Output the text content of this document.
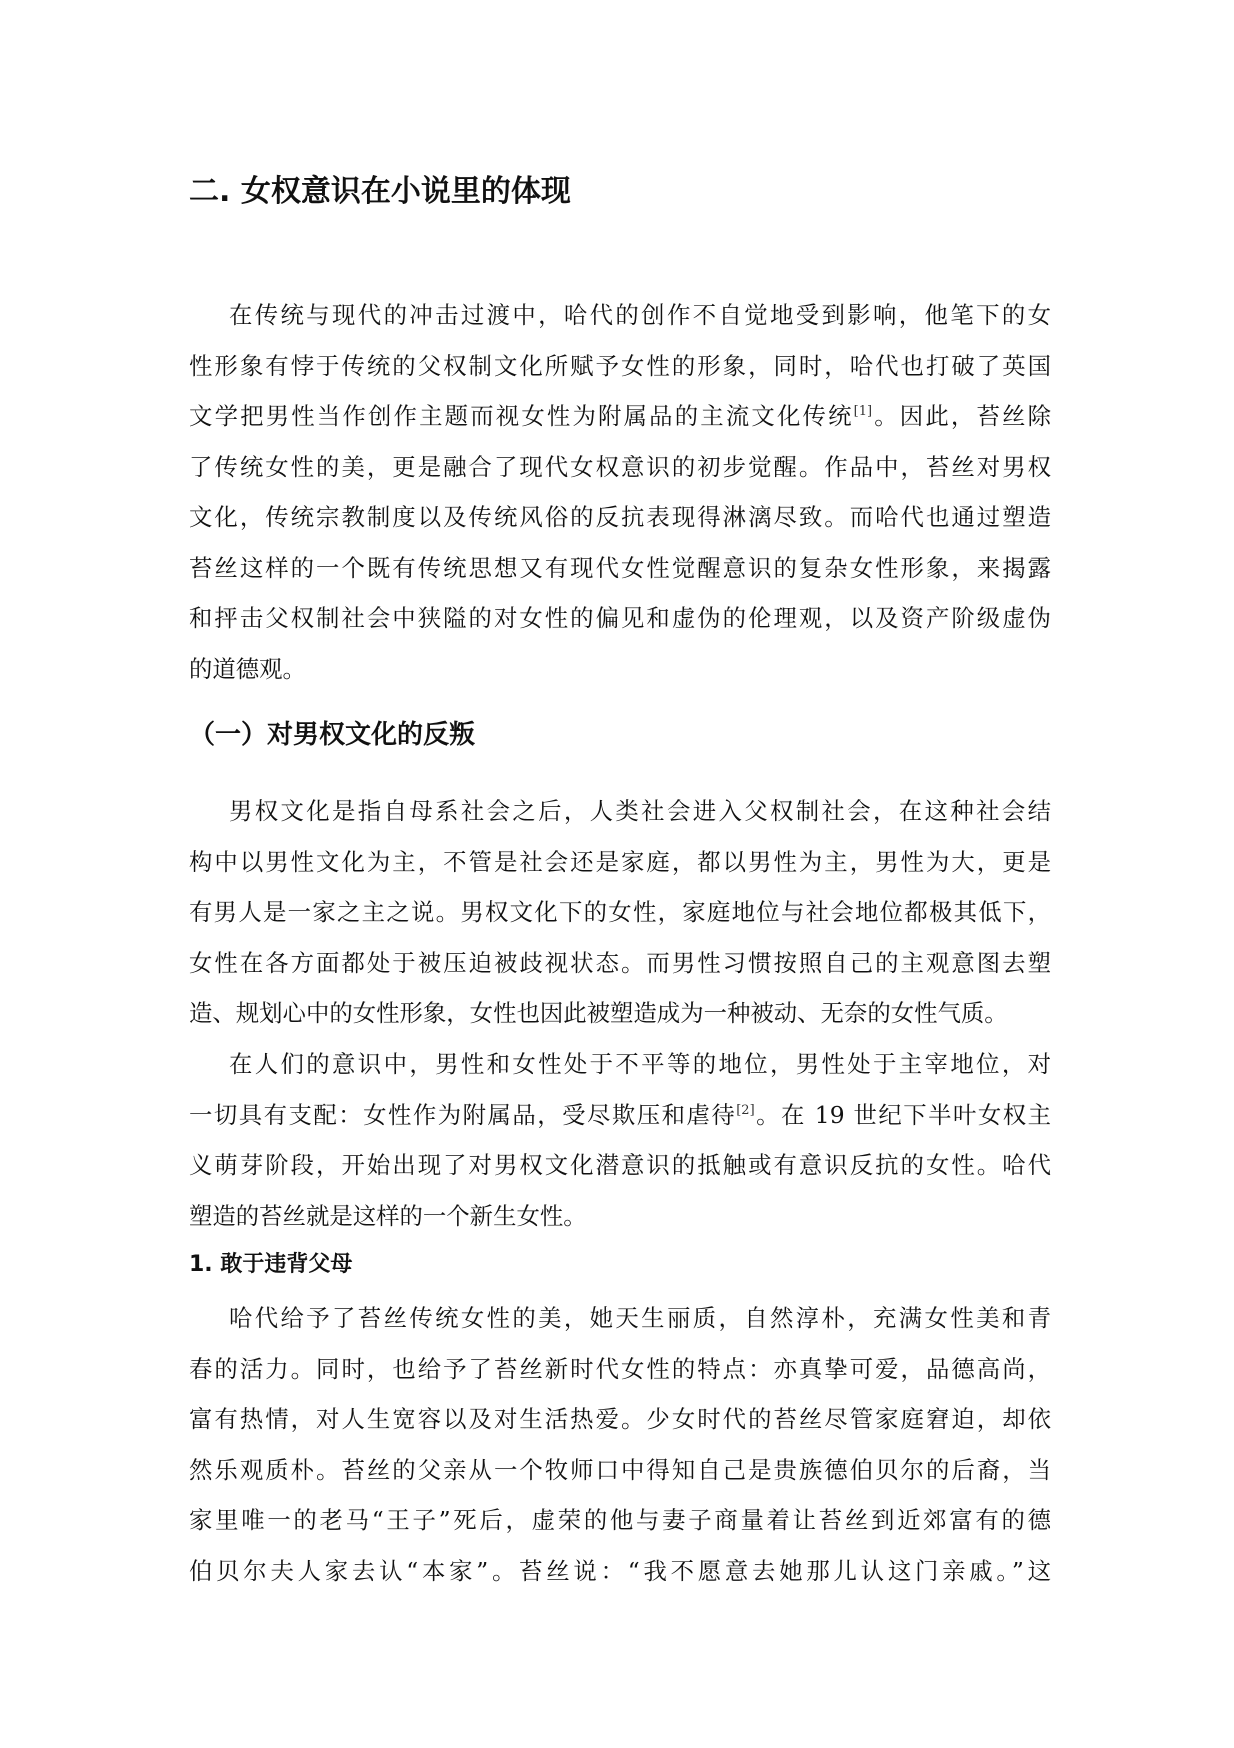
二. 女权意识在小说里的体现
在传统与现代的冲击过渡中，哈代的创作不自觉地受到影响，他笔下的女
性形象有悖于传统的父权制文化所赋予女性的形象，同时，哈代也打破了英国
文学把男性当作创作主题而视女性为附属品的主流文化传统[1]。因此，苔丝除
了传统女性的美，更是融合了现代女权意识的初步觉醒。作品中，苔丝对男权
文化，传统宗教制度以及传统风俗的反抗表现得淋漓尽致。而哈代也通过塑造
苔丝这样的一个既有传统思想又有现代女性觉醒意识的复杂女性形象，来揭露
和抨击父权制社会中狭隘的对女性的偏见和虚伪的伦理观，以及资产阶级虚伪
的道德观。
（一）对男权文化的反叛
男权文化是指自母系社会之后，人类社会进入父权制社会，在这种社会结
构中以男性文化为主，不管是社会还是家庭，都以男性为主，男性为大，更是
有男人是一家之主之说。男权文化下的女性，家庭地位与社会地位都极其低下，
女性在各方面都处于被压迫被歧视状态。而男性习惯按照自己的主观意图去塑
造、规划心中的女性形象，女性也因此被塑造成为一种被动、无奈的女性气质。
在人们的意识中，男性和女性处于不平等的地位，男性处于主宰地位，对
一切具有支配：女性作为附属品，受尽欺压和虐待[2]。在 19 世纪下半叶女权主
义萌芽阶段，开始出现了对男权文化潜意识的抵触或有意识反抗的女性。哈代
塑造的苔丝就是这样的一个新生女性。
1. 敢于违背父母
哈代给予了苔丝传统女性的美，她天生丽质，自然淳朴，充满女性美和青
春的活力。同时，也给予了苔丝新时代女性的特点：亦真挚可爱，品德高尚，
富有热情，对人生宽容以及对生活热爱。少女时代的苔丝尽管家庭窘迫，却依
然乐观质朴。苔丝的父亲从一个牧师口中得知自己是贵族德伯贝尔的后裔，当
家里唯一的老马“王子”死后，虚荣的他与妻子商量着让苔丝到近郊富有的德
伯贝尔夫人家去认“本家”。苔丝说：“我不愿意去她那儿认这门亲戚。”这
